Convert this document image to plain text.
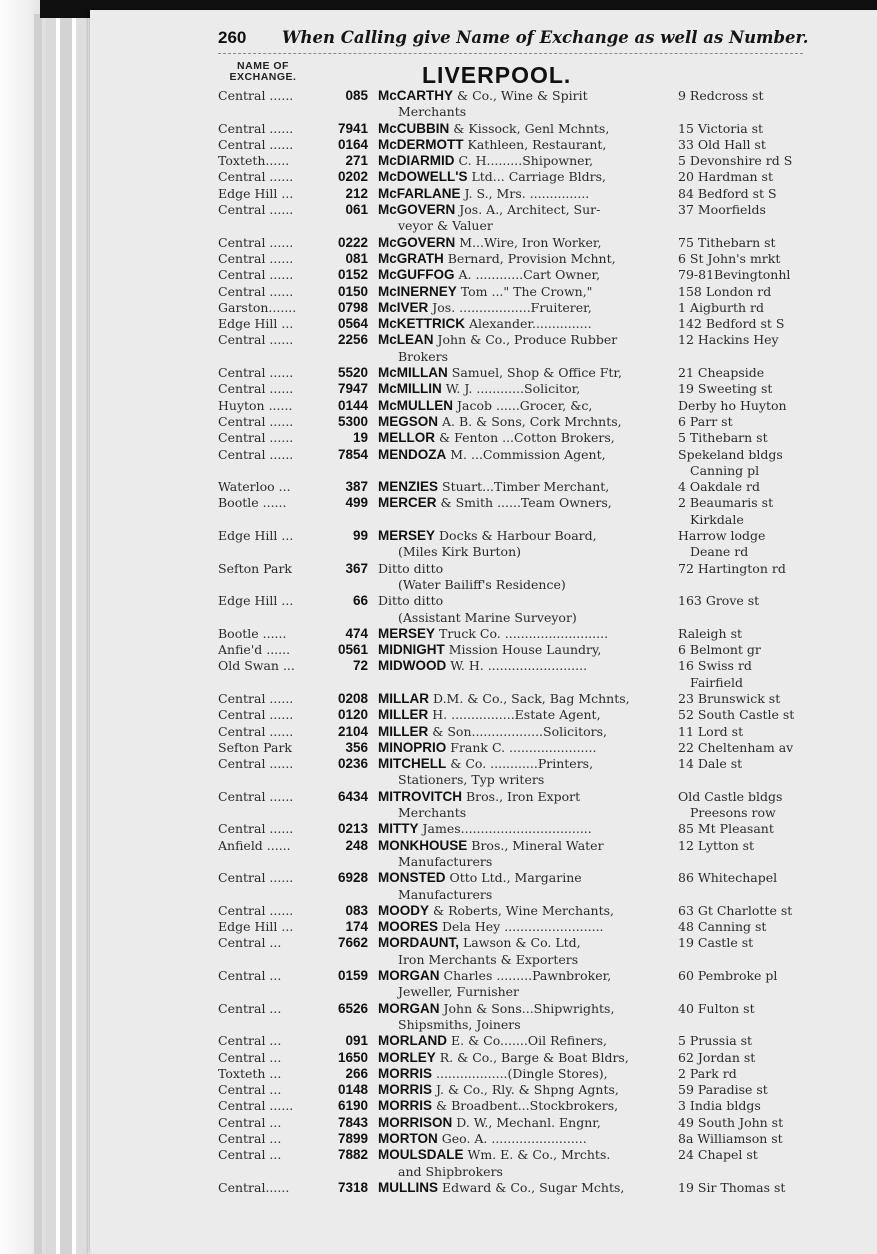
260 When Calling give Name of Exchange as well as Number.
NAME OF EXCHANGE.	LIVERPOOL.
Central ......	085 McCARTHY & Co., Wine & Spirit	9 Redcross st
Merchants
Central ......	7941 McCUBBIN & Kissock, Genl Mchnts,	15 Victoria st
Central ......	0164 McDERMOTT Kathleen, Restaurant,	33 Old Hall st
Toxteth......	271 McDIARMID C. H.........Shipowner,	5 Devonshire rd S
Central ......	0202 McDOWELL'S Ltd... Carriage Bldrs,	20 Hardman st
Edge Hill ...	212 McFARLANE J. S., Mrs. ...............	84 Bedford st S
Central ......	061 McGOVERN Jos. A., Architect, Sur-	37 Moorfields
veyor & Valuer
Central ......	0222 McGOVERN M...Wire, Iron Worker,	75 Tithebarn st
Central ......	081 McGRATH Bernard, Provision Mchnt,	6 St John's mrkt
Central ......	0152 McGUFFOG A. ............Cart Owner,	79-81Bevingtonhl
Central ......	0150 McINERNEY Tom ..." The Crown,"	158 London rd
Garston.......	0798 McIVER Jos. ..................Fruiterer,	1 Aigburth rd
Edge Hill ...	0564 McKETTRICK Alexander...............	142 Bedford st S
Central ......	2256 McLEAN John & Co., Produce Rubber	12 Hackins Hey
Brokers
Central ......	5520 McMILLAN Samuel, Shop & Office Ftr,	21 Cheapside
Central ......	7947 McMILLIN W. J. ............Solicitor,	19 Sweeting st
Huyton ......	0144 McMULLEN Jacob ......Grocer, &c,	Derby ho Huyton
Central ......	5300 MEGSON A. B. & Sons, Cork Mrchnts,	6 Parr st
Central ......	19 MELLOR & Fenton ...Cotton Brokers,	5 Tithebarn st
Central ......	7854 MENDOZA M. ...Commission Agent,	Spekeland bldgs
Canning pl
Waterloo ...	387 MENZIES Stuart...Timber Merchant,	4 Oakdale rd
Bootle ......	499 MERCER & Smith ......Team Owners,	2 Beaumaris st
Kirkdale
Edge Hill ...	99 MERSEY Docks & Harbour Board,	Harrow lodge
(Miles Kirk Burton)	Deane rd
Sefton Park	367 Ditto ditto	72 Hartington rd
(Water Bailiff's Residence)
Edge Hill ...	66 Ditto ditto	163 Grove st
(Assistant Marine Surveyor)
Bootle ......	474 MERSEY Truck Co. ..........................	Raleigh st
Anfie'd ......	0561 MIDNIGHT Mission House Laundry,	6 Belmont gr
Old Swan ...	72 MIDWOOD W. H. .........................	16 Swiss rd
Fairfield
Central ......	0208 MILLAR D.M. & Co., Sack, Bag Mchnts,	23 Brunswick st
Central ......	0120 MILLER H. ................Estate Agent,	52 South Castle st
Central ......	2104 MILLER & Son..................Solicitors,	11 Lord st
Sefton Park	356 MINOPRIO Frank C. ......................	22 Cheltenham av
Central ......	0236 MITCHELL & Co. ............Printers,	14 Dale st
Stationers, Typ writers
Central ......	6434 MITROVITCH Bros., Iron Export	Old Castle bldgs
Merchants	Preesons row
Central ......	0213 MITTY James.................................	85 Mt Pleasant
Anfield ......	248 MONKHOUSE Bros., Mineral Water	12 Lytton st
Manufacturers
Central ......	6928 MONSTED Otto Ltd., Margarine	86 Whitechapel
Manufacturers
Central ......	083 MOODY & Roberts, Wine Merchants,	63 Gt Charlotte st
Edge Hill ...	174 MOORES Dela Hey .........................	48 Canning st
Central ...	7662 MORDAUNT, Lawson & Co. Ltd,	19 Castle st
Iron Merchants & Exporters
Central ...	0159 MORGAN Charles .........Pawnbroker,	60 Pembroke pl
Jeweller, Furnisher
Central ...	6526 MORGAN John & Sons...Shipwrights,	40 Fulton st
Shipsmiths, Joiners
Central ...	091 MORLAND E. & Co.......Oil Refiners,	5 Prussia st
Central ...	1650 MORLEY R. & Co., Barge & Boat Bldrs,	62 Jordan st
Toxteth ...	266 MORRIS ..................(Dingle Stores),	2 Park rd
Central ...	0148 MORRIS J. & Co., Rly. & Shpng Agnts,	59 Paradise st
Central ......	6190 MORRIS & Broadbent...Stockbrokers,	3 India bldgs
Central ...	7843 MORRISON D. W., Mechanl. Engnr,	49 South John st
Central ...	7899 MORTON Geo. A. ........................	8a Williamson st
Central ...	7882 MOULSDALE Wm. E. & Co., Mrchts.	24 Chapel st
and Shipbrokers
Central......	7318 MULLINS Edward & Co., Sugar Mchts,	19 Sir Thomas st
